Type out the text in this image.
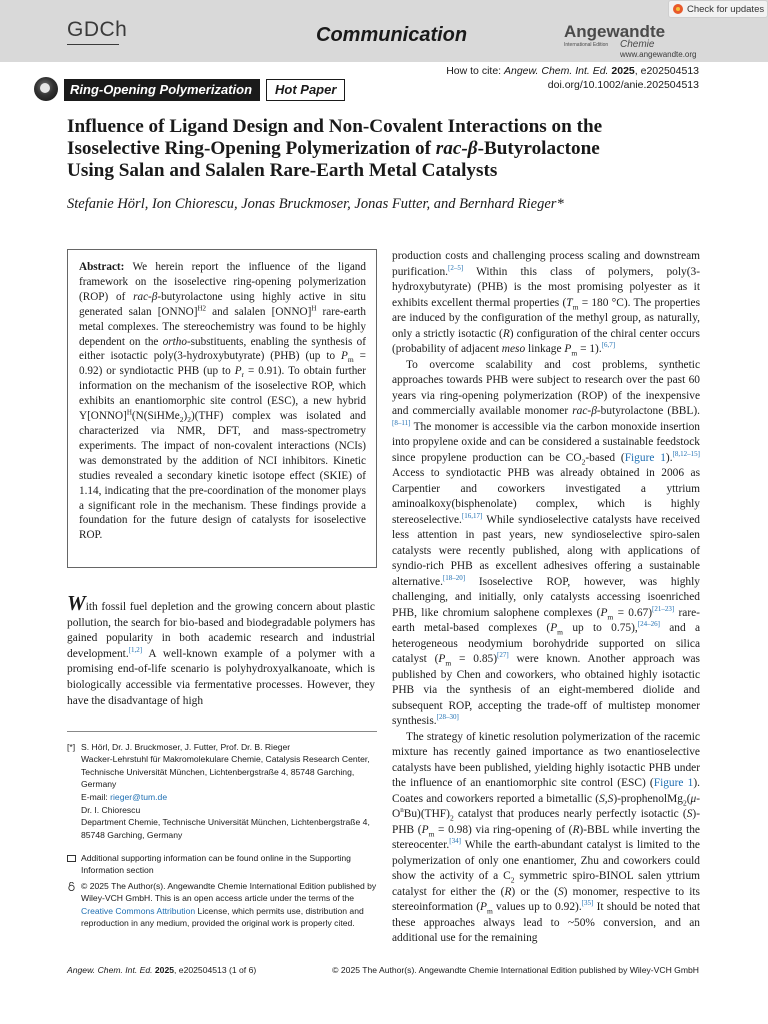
GDCh	Communication	Angewandte
International Edition Chemie
www.angewandte.org
Check for updates
How to cite: Angew. Chem. Int. Ed. 2025, e202504513
doi.org/10.1002/anie.202504513
Ring-Opening Polymerization	Hot Paper
Influence of Ligand Design and Non-Covalent Interactions on the
Isoselective Ring-Opening Polymerization of rac-β-Butyrolactone
Using Salan and Salalen Rare-Earth Metal Catalysts
Stefanie Hörl, Ion Chiorescu, Jonas Bruckmoser, Jonas Futter, and Bernhard Rieger*
Abstract: We herein report the influence of the ligand framework on the isoselective ring-opening polymerization (ROP) of rac-β-butyrolactone using highly active in situ generated salan [ONNO]$^{H2}$ and salalen [ONNO]$^H$ rare-earth metal complexes. The stereochemistry was found to be highly dependent on the ortho-substituents, enabling the synthesis of either isotactic poly(3-hydroxybutyrate) (PHB) (up to $P_m = 0.92$) or syndiotactic PHB (up to $P_r = 0.91$). To obtain further information on the mechanism of the isoselective ROP, which exhibits an enantiomorphic site control (ESC), a new hybrid $Y[ONNO]^H(N(SiHMe_2)_2)(THF)$ complex was isolated and characterized via NMR, DFT, and mass-spectrometry experiments. The impact of non-covalent interactions (NCIs) was demonstrated by the addition of NCI inhibitors. Kinetic studies revealed a secondary kinetic isotope effect (SKIE) of 1.14, indicating that the pre-coordination of the monomer plays a significant role in the mechanism. These findings provide a foundation for the future design of catalysts for isoselective ROP.
With fossil fuel depletion and the growing concern about plastic pollution, the search for bio-based and biodegradable polymers has gained popularity in both academic research and industrial development.[1,2] A well-known example of a polymer with a promising end-of-life scenario is polyhydroxyalkanoate, which is biologically accessible via fermentative processes. However, they have the disadvantage of high
[*] S. Hörl, Dr. J. Bruckmoser, J. Futter, Prof. Dr. B. Rieger
Wacker-Lehrstuhl für Makromolekulare Chemie, Catalysis Research Center, Technische Universität München, Lichtenbergstraße 4, 85748 Garching, Germany
E-mail: rieger@tum.de
Dr. I. Chiorescu
Department Chemie, Technische Universität München, Lichtenbergstraße 4, 85748 Garching, Germany
Additional supporting information can be found online in the Supporting Information section
© 2025 The Author(s). Angewandte Chemie International Edition published by Wiley-VCH GmbH. This is an open access article under the terms of the Creative Commons Attribution License, which permits use, distribution and reproduction in any medium, provided the original work is properly cited.

production costs and challenging process scaling and downstream purification.[2–5] Within this class of polymers, poly(3-hydroxybutyrate) (PHB) is the most promising polyester as it exhibits excellent thermal properties ($T_m = 180$ °C). The properties are induced by the configuration of the methyl group, as naturally, only a strictly isotactic (R) configuration of the chiral center occurs (probability of adjacent meso linkage $P_m = 1).[6,7]$

To overcome scalability and cost problems, synthetic approaches towards PHB were subject to research over the past 60 years via ring-opening polymerization (ROP) of the inexpensive and commercially available monomer rac-β-butyrolactone (BBL).[8–11] The monomer is accessible via the carbon monoxide insertion into propylene oxide and can be considered a sustainable feedstock since propylene production can be $CO_2$-based (Figure 1).[8,12–15] Access to syndiotactic PHB was already obtained in 2006 as Carpentier and coworkers investigated a yttrium aminoalkoxy(bisphenolate) complex, which is highly stereoselective.[16,17] While syndioselective catalysts have received less attention in past years, new syndioselective spiro-salen catalysts were recently published, along with applications of syndio-rich PHB as excellent adhesives offering a sustainable alternative.[18–20] Isoselective ROP, however, was highly challenging, and initially, only catalysts accessing isoenriched PHB, like chromium salophene complexes $(P_m = 0.67)[21-23]$ rare-earth metal-based complexes ($P_m$ up to 0.75),[24–26] and a heterogeneous neodymium borohydride supported on silica catalyst $(P_m = 0.85)[27]$ were known. Another approach was published by Chen and coworkers, who obtained highly isotactic PHB via the synthesis of an eight-membered diolide and subsequent ROP, accepting the trade-off of multistep monomer synthesis.[28–30]

The strategy of kinetic resolution polymerization of the racemic mixture has recently gained importance as two enantioselective catalysts have been published, yielding highly isotactic PHB under the influence of an enantiomorphic site control (ESC) (Figure 1). Coates and coworkers reported a bimetallic $(S,S)-prophenolMg_2(\mu-O^nBu)(THF)_2$ catalyst that produces nearly perfectly isotactic (S)-PHB $(P_m = 0.98)$ via ring-opening of (R)-BBL while inverting the stereocenter.[34] While the earth-abundant catalyst is limited to the polymerization of only one enantiomer, Zhu and coworkers could show the activity of a $C_2$ symmetric spiro-BINOL salen yttrium catalyst for either the (R) or the (S) monomer, respective to its stereoinformation ($P_m$ values up to 0.92).[35] It should be noted that these approaches always lead to ~50% conversion, and an additional use for the remaining

Angew. Chem. Int. Ed. 2025, e202504513 (1 of 6)	© 2025 The Author(s). Angewandte Chemie International Edition published by Wiley-VCH GmbH
